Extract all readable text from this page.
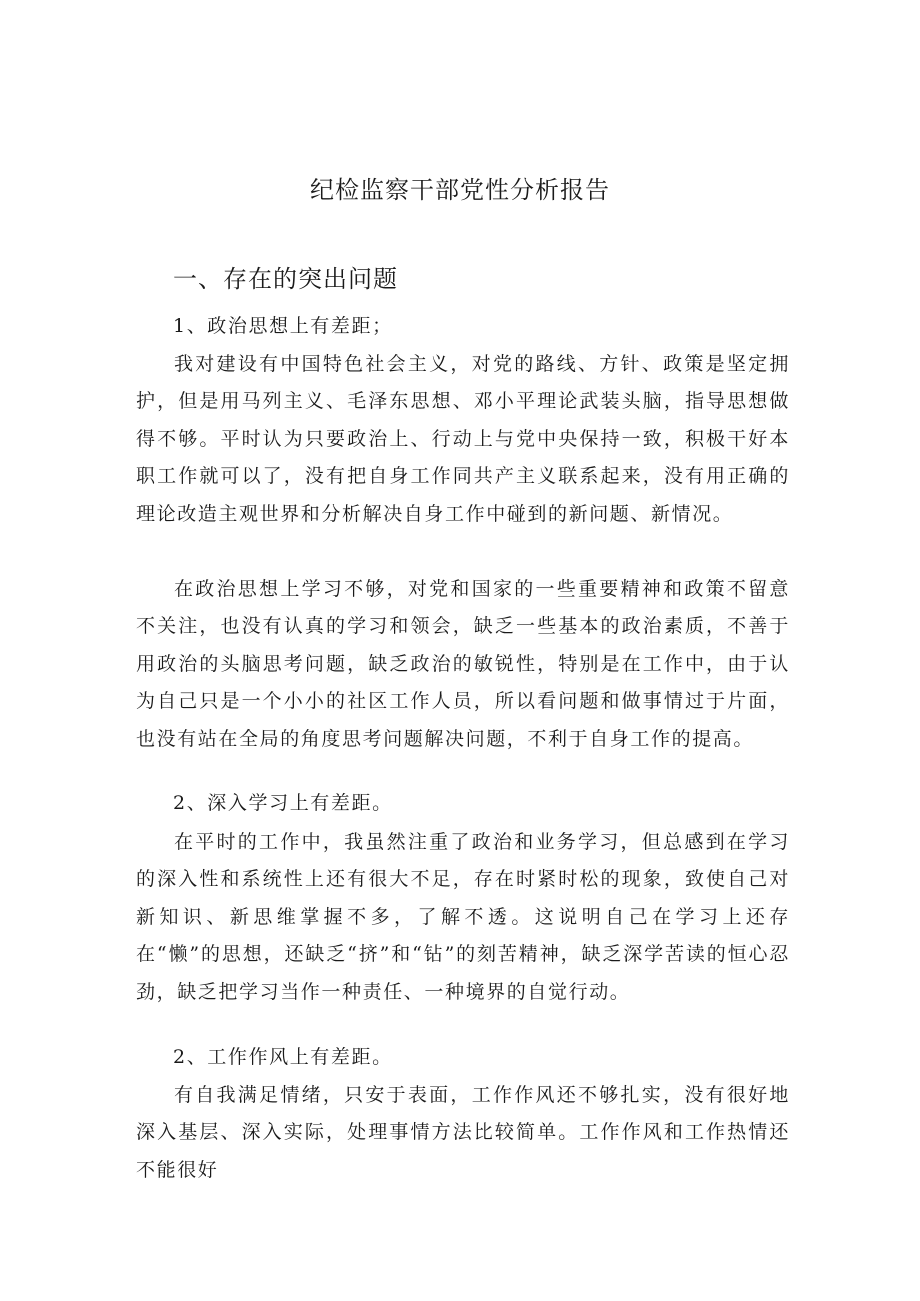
纪检监察干部党性分析报告
一、存在的突出问题
1、政治思想上有差距；

我对建设有中国特色社会主义，对党的路线、方针、政策是坚定拥护，但是用马列主义、毛泽东思想、邓小平理论武装头脑，指导思想做得不够。平时认为只要政治上、行动上与党中央保持一致，积极干好本职工作就可以了，没有把自身工作同共产主义联系起来，没有用正确的理论改造主观世界和分析解决自身工作中碰到的新问题、新情况。

在政治思想上学习不够，对党和国家的一些重要精神和政策不留意不关注，也没有认真的学习和领会，缺乏一些基本的政治素质，不善于用政治的头脑思考问题，缺乏政治的敏锐性，特别是在工作中，由于认为自己只是一个小小的社区工作人员，所以看问题和做事情过于片面，也没有站在全局的角度思考问题解决问题，不利于自身工作的提高。

2、深入学习上有差距。

在平时的工作中，我虽然注重了政治和业务学习，但总感到在学习的深入性和系统性上还有很大不足，存在时紧时松的现象，致使自己对新知识、新思维掌握不多，了解不透。这说明自己在学习上还存在“懒”的思想，还缺乏“挤”和“钻”的刻苦精神，缺乏深学苦读的恒心忍劲，缺乏把学习当作一种责任、一种境界的自觉行动。

2、工作作风上有差距。

有自我满足情绪，只安于表面，工作作风还不够扎实，没有很好地深入基层、深入实际，处理事情方法比较简单。工作作风和工作热情还不能很好
